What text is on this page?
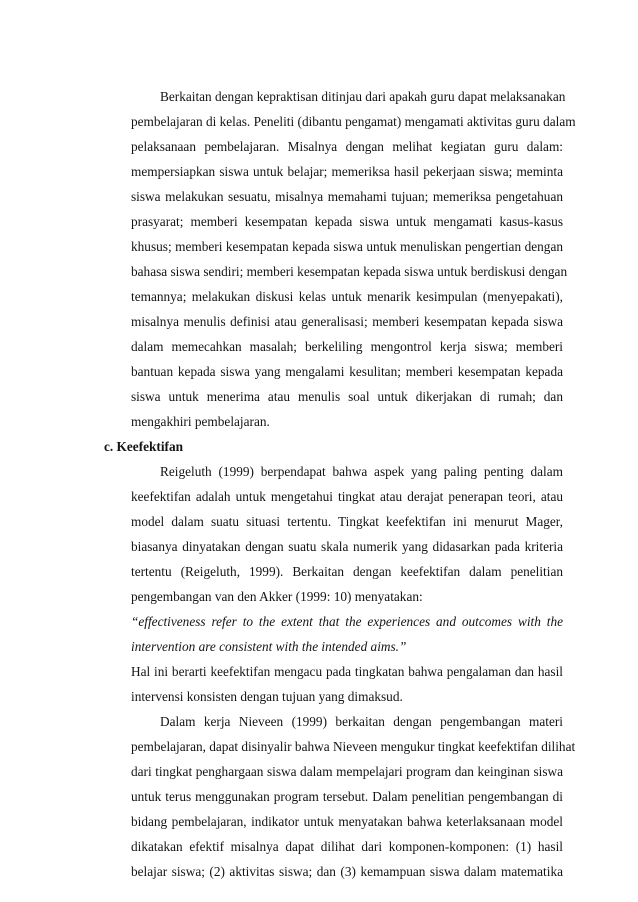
Berkaitan dengan kepraktisan ditinjau dari apakah guru dapat melaksanakan
pembelajaran di kelas. Peneliti (dibantu pengamat) mengamati aktivitas guru dalam
pelaksanaan pembelajaran. Misalnya dengan melihat kegiatan guru dalam:
mempersiapkan siswa untuk belajar; memeriksa hasil pekerjaan siswa; meminta
siswa melakukan sesuatu, misalnya memahami tujuan; memeriksa pengetahuan
prasyarat; memberi kesempatan kepada siswa untuk mengamati kasus-kasus
khusus; memberi kesempatan kepada siswa untuk menuliskan pengertian dengan
bahasa siswa sendiri; memberi kesempatan kepada siswa untuk berdiskusi dengan
temannya; melakukan diskusi kelas untuk menarik kesimpulan (menyepakati),
misalnya menulis definisi atau generalisasi; memberi kesempatan kepada siswa
dalam memecahkan masalah; berkeliling mengontrol kerja siswa; memberi
bantuan kepada siswa yang mengalami kesulitan; memberi kesempatan kepada
siswa untuk menerima atau menulis soal untuk dikerjakan di rumah; dan
mengakhiri pembelajaran.
c. Keefektifan
Reigeluth (1999) berpendapat bahwa aspek yang paling penting dalam
keefektifan adalah untuk mengetahui tingkat atau derajat penerapan teori, atau
model dalam suatu situasi tertentu. Tingkat keefektifan ini menurut Mager,
biasanya dinyatakan dengan suatu skala numerik yang didasarkan pada kriteria
tertentu (Reigeluth, 1999). Berkaitan dengan keefektifan dalam penelitian
pengembangan van den Akker (1999: 10) menyatakan:
“effectiveness refer to the extent that the experiences and outcomes with the
intervention are consistent with the intended aims.”
Hal ini berarti keefektifan mengacu pada tingkatan bahwa pengalaman dan hasil
intervensi konsisten dengan tujuan yang dimaksud.
Dalam kerja Nieveen (1999) berkaitan dengan pengembangan materi
pembelajaran, dapat disinyalir bahwa Nieveen mengukur tingkat keefektifan dilihat
dari tingkat penghargaan siswa dalam mempelajari program dan keinginan siswa
untuk terus menggunakan program tersebut. Dalam penelitian pengembangan di
bidang pembelajaran, indikator untuk menyatakan bahwa keterlaksanaan model
dikatakan efektif misalnya dapat dilihat dari komponen-komponen: (1) hasil
belajar siswa; (2) aktivitas siswa; dan (3) kemampuan siswa dalam matematika
